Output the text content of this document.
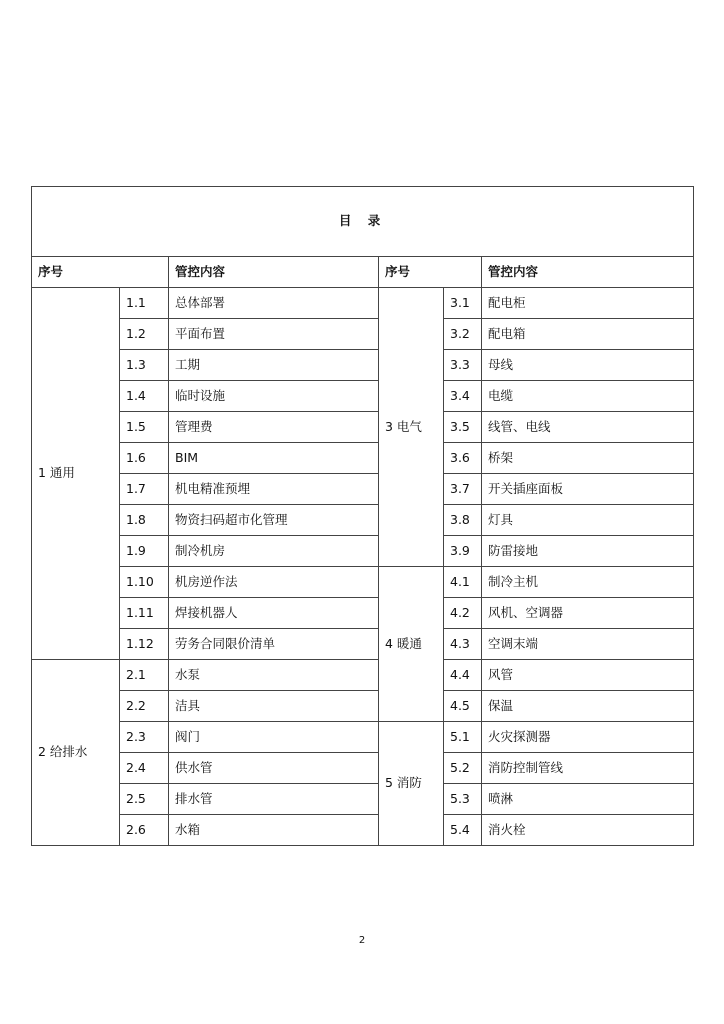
目 录					
序号		管控内容	序号		管控内容
1 通用	1.1	总体部署	3 电气	3.1	配电柜
	1.2	平面布置		3.2	配电箱
	1.3	工期		3.3	母线
	1.4	临时设施		3.4	电缆
	1.5	管理费		3.5	线管、电线
	1.6	BIM		3.6	桥架
	1.7	机电精准预埋		3.7	开关插座面板
	1.8	物资扫码超市化管理		3.8	灯具
	1.9	制冷机房		3.9	防雷接地
	1.10	机房逆作法	4 暖通	4.1	制冷主机
	1.11	焊接机器人		4.2	风机、空调器
	1.12	劳务合同限价清单		4.3	空调末端
2 给排水	2.1	水泵		4.4	风管
	2.2	洁具		4.5	保温
	2.3	阀门	5 消防	5.1	火灾探测器
	2.4	供水管		5.2	消防控制管线
	2.5	排水管		5.3	喷淋
	2.6	水箱		5.4	消火栓
2
